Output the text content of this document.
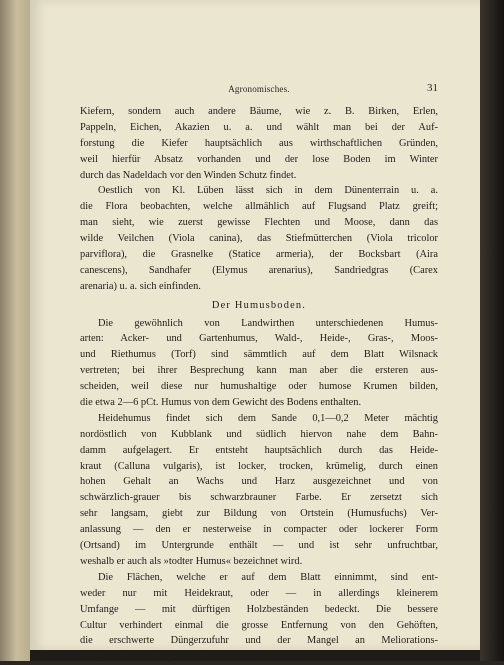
Agronomisches.	31
Kiefern, sondern auch andere Bäume, wie z. B. Birken, Erlen,
Pappeln, Eichen, Akazien u. a. und wählt man bei der Auf-
forstung die Kiefer hauptsächlich aus wirthschaftlichen Gründen,
weil hierfür Absatz vorhanden und der lose Boden im Winter
durch das Nadeldach vor den Winden Schutz findet.
Oestlich von Kl. Lüben lässt sich in dem Dünenterrain u. a.
die Flora beobachten, welche allmählich auf Flugsand Platz greift;
man sieht, wie zuerst gewisse Flechten und Moose, dann das
wilde Veilchen (Viola canina), das Stiefmütterchen (Viola tricolor
parviflora), die Grasnelke (Statice armeria), der Bocksbart (Aira
canescens), Sandhafer (Elymus arenarius), Sandriedgras (Carex
arenaria) u. a. sich einfinden.
Der Humusboden.
Die gewöhnlich von Landwirthen unterschiedenen Humus-
arten: Acker- und Gartenhumus, Wald-, Heide-, Gras-, Moos-
und Riethumus (Torf) sind sämmtlich auf dem Blatt Wilsnack
vertreten; bei ihrer Besprechung kann man aber die ersteren aus-
scheiden, weil diese nur humushaltige oder humose Krumen bilden,
die etwa 2—6 pCt. Humus von dem Gewicht des Bodens enthalten.
Heidehumus findet sich dem Sande 0,1—0,2 Meter mächtig
nordöstlich von Kubblank und südlich hiervon nahe dem Bahn-
damm aufgelagert. Er entsteht hauptsächlich durch das Heide-
kraut (Calluna vulgaris), ist locker, trocken, krümelig, durch einen
hohen Gehalt an Wachs und Harz ausgezeichnet und von
schwärzlich-grauer bis schwarzbrauner Farbe. Er zersetzt sich
sehr langsam, giebt zur Bildung von Ortstein (Humusfuchs) Ver-
anlassung — den er nesterweise in compacter oder lockerer Form
(Ortsand) im Untergrunde enthält — und ist sehr unfruchtbar,
weshalb er auch als »todter Humus« bezeichnet wird.
Die Flächen, welche er auf dem Blatt einnimmt, sind ent-
weder nur mit Heidekraut, oder — in allerdings kleinerem
Umfange — mit dürftigen Holzbeständen bedeckt. Die bessere
Cultur verhindert einmal die grosse Entfernung von den Gehöften,
die erschwerte Düngerzufuhr und der Mangel an Meliorations-
materialien, wie Mergel, Kalk u. s. w.
